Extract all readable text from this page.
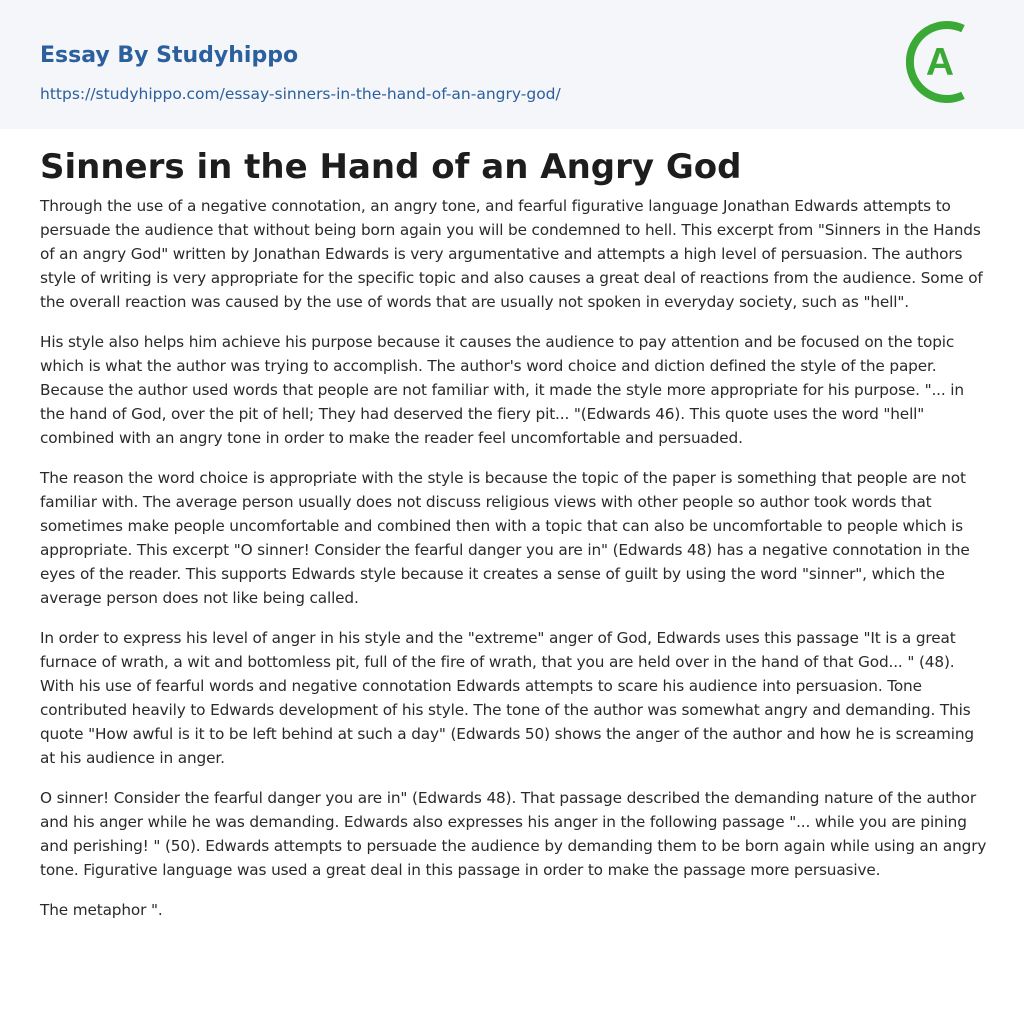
Essay By Studyhippo
https://studyhippo.com/essay-sinners-in-the-hand-of-an-angry-god/
A
Sinners in the Hand of an Angry God

Through the use of a negative connotation, an angry tone, and fearful figurative language Jonathan Edwards attempts to persuade the audience that without being born again you will be condemned to hell. This excerpt from "Sinners in the Hands of an angry God" written by Jonathan Edwards is very argumentative and attempts a high level of persuasion. The authors style of writing is very appropriate for the specific topic and also causes a great deal of reactions from the audience. Some of the overall reaction was caused by the use of words that are usually not spoken in everyday society, such as "hell".

His style also helps him achieve his purpose because it causes the audience to pay attention and be focused on the topic which is what the author was trying to accomplish. The author's word choice and diction defined the style of the paper. Because the author used words that people are not familiar with, it made the style more appropriate for his purpose. "... in the hand of God, over the pit of hell; They had deserved the fiery pit... "(Edwards 46). This quote uses the word "hell" combined with an angry tone in order to make the reader feel uncomfortable and persuaded.

The reason the word choice is appropriate with the style is because the topic of the paper is something that people are not familiar with. The average person usually does not discuss religious views with other people so author took words that sometimes make people uncomfortable and combined then with a topic that can also be uncomfortable to people which is appropriate. This excerpt "O sinner! Consider the fearful danger you are in" (Edwards 48) has a negative connotation in the eyes of the reader. This supports Edwards style because it creates a sense of guilt by using the word "sinner", which the average person does not like being called.

In order to express his level of anger in his style and the "extreme" anger of God, Edwards uses this passage "It is a great furnace of wrath, a wit and bottomless pit, full of the fire of wrath, that you are held over in the hand of that God... " (48). With his use of fearful words and negative connotation Edwards attempts to scare his audience into persuasion. Tone contributed heavily to Edwards development of his style. The tone of the author was somewhat angry and demanding. This quote "How awful is it to be left behind at such a day" (Edwards 50) shows the anger of the author and how he is screaming at his audience in anger.

O sinner! Consider the fearful danger you are in" (Edwards 48). That passage described the demanding nature of the author and his anger while he was demanding. Edwards also expresses his anger in the following passage "... while you are pining and perishing! " (50). Edwards attempts to persuade the audience by demanding them to be born again while using an angry tone. Figurative language was used a great deal in this passage in order to make the passage more persuasive.

The metaphor ".
